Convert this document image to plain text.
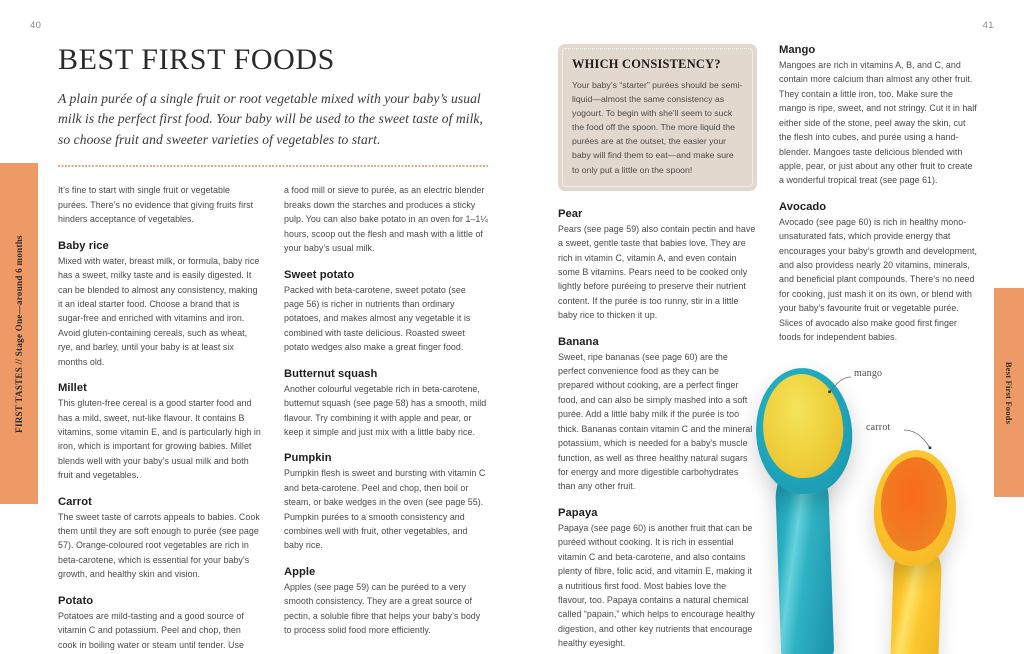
40	41
FIRST TASTES // Stage One—around 6 months	Best First Foods
BEST FIRST FOODS

A plain purée of a single fruit or root vegetable mixed with your baby’s usual milk is the perfect first food. Your baby will be used to the sweet taste of milk, so choose fruit and sweeter varieties of vegetables to start.

It’s fine to start with single fruit or vegetable purées. There’s no evidence that giving fruits first hinders acceptance of vegetables.

Baby rice

Mixed with water, breast milk, or formula, baby rice has a sweet, milky taste and is easily digested. It can be blended to almost any consistency, making it an ideal starter food. Choose a brand that is sugar-free and enriched with vitamins and iron. Avoid gluten-containing cereals, such as wheat, rye, and barley, until your baby is at least six months old.

Millet

This gluten-free cereal is a good starter food and has a mild, sweet, nut-like flavour. It contains B vitamins, some vitamin E, and is particularly high in iron, which is important for growing babies. Millet blends well with your baby’s usual milk and both fruit and vegetables.

Carrot

The sweet taste of carrots appeals to babies. Cook them until they are soft enough to purée (see page 57). Orange-coloured root vegetables are rich in beta-carotene, which is essential for your baby’s growth, and healthy skin and vision.

Potato

Potatoes are mild-tasting and a good source of vitamin C and potassium. Peel and chop, then cook in boiling water or steam until tender. Use

a food mill or sieve to purée, as an electric blender breaks down the starches and produces a sticky pulp. You can also bake potato in an oven for 1–1¼ hours, scoop out the flesh and mash with a little of your baby’s usual milk.

Sweet potato

Packed with beta-carotene, sweet potato (see page 56) is richer in nutrients than ordinary potatoes, and makes almost any vegetable it is combined with taste delicious. Roasted sweet potato wedges also make a great finger food.

Butternut squash

Another colourful vegetable rich in beta-carotene, butternut squash (see page 58) has a smooth, mild flavour. Try combining it with apple and pear, or keep it simple and just mix with a little baby rice.

Pumpkin

Pumpkin flesh is sweet and bursting with vitamin C and beta-carotene. Peel and chop, then boil or steam, or bake wedges in the oven (see page 55). Pumpkin purées to a smooth consistency and combines well with fruit, other vegetables, and baby rice.

Apple

Apples (see page 59) can be puréed to a very smooth consistency. They are a great source of pectin, a soluble fibre that helps your baby’s body to process solid food more efficiently.

WHICH CONSISTENCY?
Your baby’s “starter” purées should be semi-liquid—almost the same consistency as yogourt. To begin with she’ll seem to suck the food off the spoon. The more liquid the purées are at the outset, the easier your baby will find them to eat—and make sure to only put a little on the spoon!
Pear

Pears (see page 59) also contain pectin and have a sweet, gentle taste that babies love. They are rich in vitamin C, vitamin A, and even contain some B vitamins. Pears need to be cooked only lightly before puréeing to preserve their nutrient content. If the purée is too runny, stir in a little baby rice to thicken it up.

Banana

Sweet, ripe bananas (see page 60) are the perfect convenience food as they can be prepared without cooking, are a perfect finger food, and can also be simply mashed into a soft purée. Add a little baby milk if the purée is too thick. Bananas contain vitamin C and the mineral potassium, which is needed for a baby’s muscle function, as well as three healthy natural sugars for energy and more digestible carbohydrates than any other fruit.

Papaya

Papaya (see page 60) is another fruit that can be puréed without cooking. It is rich in essential vitamin C and beta-carotene, and also contains plenty of fibre, folic acid, and vitamin E, making it a nutritious first food. Most babies love the flavour, too. Papaya contains a natural chemical called “papain,” which helps to encourage healthy digestion, and other key nutrients that encourage healthy eyesight.

Mango

Mangoes are rich in vitamins A, B, and C, and contain more calcium than almost any other fruit. They contain a little iron, too. Make sure the mango is ripe, sweet, and not stringy. Cut it in half either side of the stone, peel away the skin, cut the flesh into cubes, and purée using a hand-blender. Mangoes taste delicious blended with apple, pear, or just about any other fruit to create a wonderful tropical treat (see page 61).

Avocado

Avocado (see page 60) is rich in healthy mono-unsaturated fats, which provide energy that encourages your baby’s growth and development, and also providess nearly 20 vitamins, minerals, and beneficial plant compounds. There’s no need for cooking, just mash it on its own, or blend with your baby’s favourite fruit or vegetable purée. Slices of avocado also make good first finger foods for independent babies.

mango
carrot
